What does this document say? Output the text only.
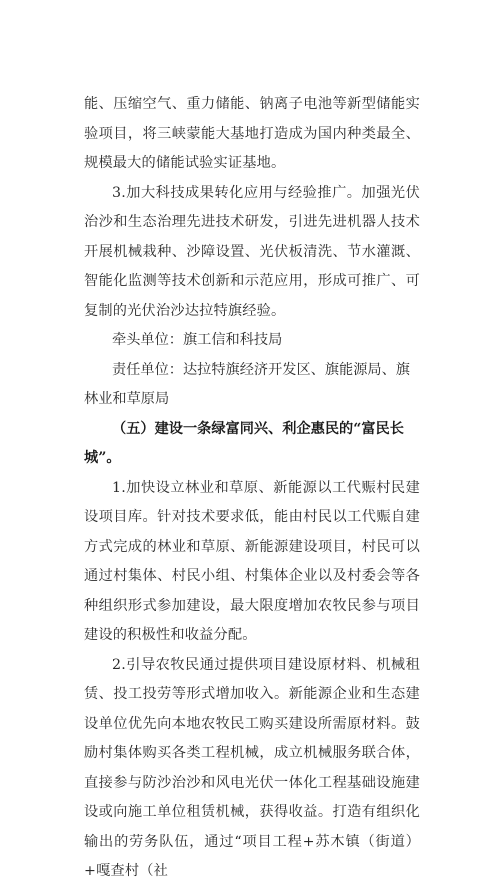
能、压缩空气、重力储能、钠离子电池等新型储能实验项目，将三峡蒙能大基地打造成为国内种类最全、规模最大的储能试验实证基地。

3.加大科技成果转化应用与经验推广。加强光伏治沙和生态治理先进技术研发，引进先进机器人技术开展机械栽种、沙障设置、光伏板清洗、节水灌溉、智能化监测等技术创新和示范应用，形成可推广、可复制的光伏治沙达拉特旗经验。

牵头单位：旗工信和科技局

责任单位：达拉特旗经济开发区、旗能源局、旗林业和草原局

（五）建设一条绿富同兴、利企惠民的“富民长城”。

1.加快设立林业和草原、新能源以工代赈村民建设项目库。针对技术要求低，能由村民以工代赈自建方式完成的林业和草原、新能源建设项目，村民可以通过村集体、村民小组、村集体企业以及村委会等各种组织形式参加建设，最大限度增加农牧民参与项目建设的积极性和收益分配。

2.引导农牧民通过提供项目建设原材料、机械租赁、投工投劳等形式增加收入。新能源企业和生态建设单位优先向本地农牧民工购买建设所需原材料。鼓励村集体购买各类工程机械，成立机械服务联合体，直接参与防沙治沙和风电光伏一体化工程基础设施建设或向施工单位租赁机械，获得收益。打造有组织化输出的劳务队伍，通过“项目工程+苏木镇（街道）+嘎查村（社
